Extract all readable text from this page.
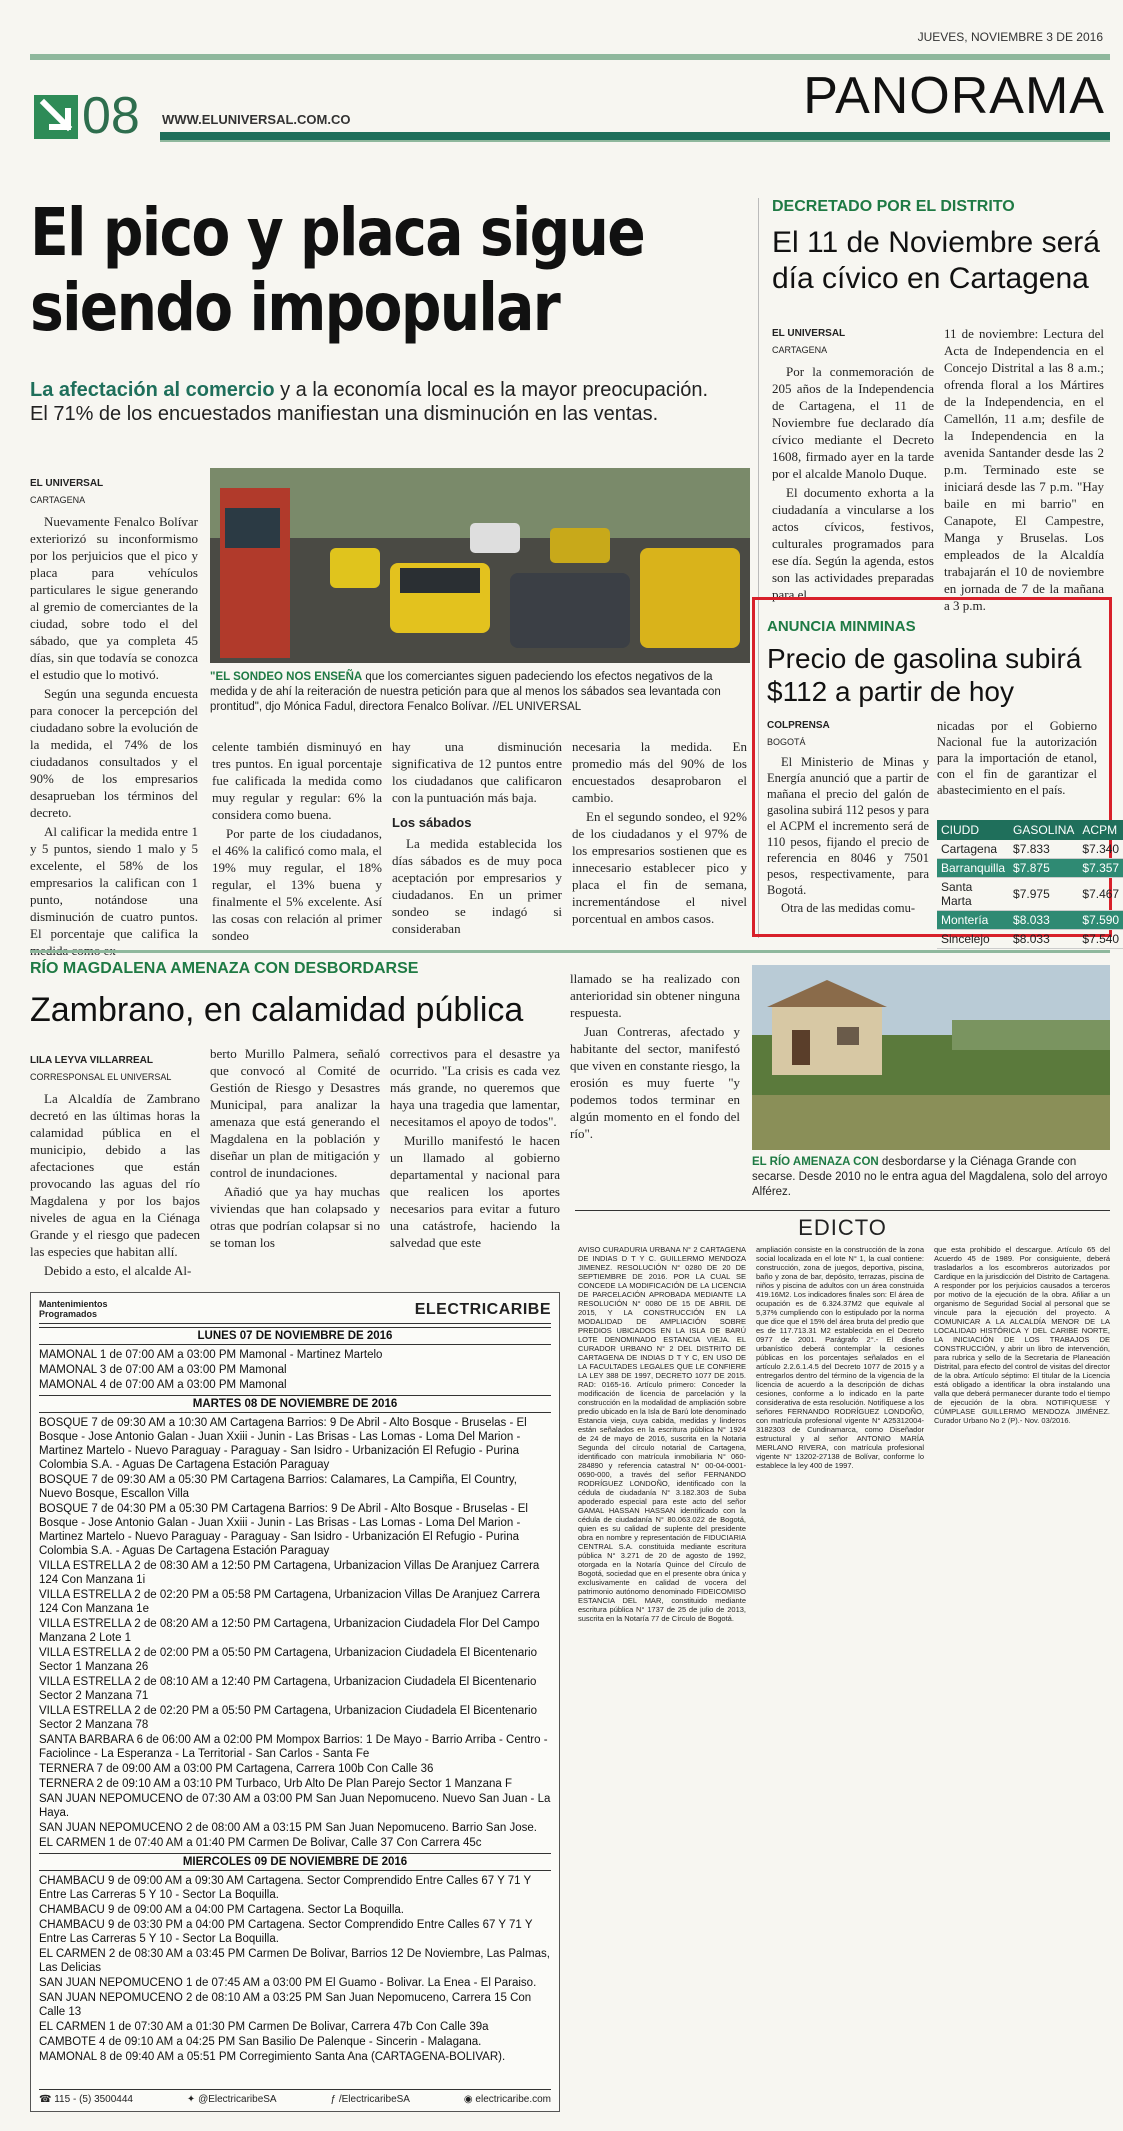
JUEVES, NOVIEMBRE 3 DE 2016
08 WWW.ELUNIVERSAL.COM.CO	PANORAMA
El pico y placa sigue
siendo impopular
La afectación al comercio y a la economía local es la mayor preocupación.
El 71% de los encuestados manifiestan una disminución en las ventas.
EL UNIVERSAL
CARTAGENA

Nuevamente Fenalco Bolívar exteriorizó su inconformismo por los perjuicios que el pico y placa para vehículos particulares le sigue generando al gremio de comerciantes de la ciudad, sobre todo el del sábado, que ya completa 45 días, sin que todavía se conozca el estudio que lo motivó.

Según una segunda encuesta para conocer la percepción del ciudadano sobre la evolución de la medida, el 74% de los ciudadanos consultados y el 90% de los empresarios desaprueban los términos del decreto.

Al calificar la medida entre 1 y 5 puntos, siendo 1 malo y 5 excelente, el 58% de los empresarios la califican con 1 punto, notándose una disminución de cuatro puntos. El porcentaje que califica la

"EL SONDEO NOS ENSEÑA que los comerciantes siguen padeciendo los efectos negativos de la medida y de ahí la reiteración de nuestra petición para que al menos los sábados sea levantada con prontitud", djo Mónica Fadul, directora Fenalco Bolívar. //EL UNIVERSAL

celente también disminuyó en tres puntos. En igual porcentaje fue calificada la medida como muy regular y regular: 6% la considera como buena.

Por parte de los ciudadanos, el 46% la calificó como mala, el 19% muy regular, el 18% regular, el 13% buena y finalmente el 5% excelente. Así las cosas con relación al primer sondeo

hay una disminución significativa de 12 puntos entre los ciudadanos que calificaron con la puntuación más baja.

Los sábados

La medida establecida los días sábados es de muy poca aceptación por empresarios y ciudadanos. En un primer sondeo se indagó si consideraban

necesaria la medida. En promedio más del 90% de los encuestados desaprobaron el cambio.

En el segundo sondeo, el 92% de los ciudadanos y el 97% de los empresarios sostienen que es innecesario establecer pico y placa el fin de semana, incrementándose el nivel porcentual en ambos casos.

DECRETADO POR EL DISTRITO
El 11 de Noviembre será día cívico en Cartagena
EL UNIVERSAL
CARTAGENA

Por la conmemoración de 205 años de la Independencia de Cartagena, el 11 de Noviembre fue declarado día cívico mediante el Decreto 1608, firmado ayer en la tarde por el alcalde Manolo Duque.

El documento exhorta a la ciudadanía a vincularse a los actos cívicos, festivos, culturales programados para ese día. Según la agenda, estos son las actividades preparadas para el

11 de noviembre: Lectura del Acta de Independencia en el Concejo Distrital a las 8 a.m.; ofrenda floral a los Mártires de la Independencia, en el Camellón, 11 a.m; desfile de la Independencia en la avenida Santander desde las 2 p.m. Terminado este se iniciará desde las 7 p.m. "Hay baile en mi barrio" en Canapote, El Campestre, Manga y Bruselas. Los empleados de la Alcaldía trabajarán el 10 de noviembre en jornada de 7 de la mañana a 3 p.m.

ANUNCIA MINMINAS
Precio de gasolina subirá $112 a partir de hoy
COLPRENSA
BOGOTÁ

El Ministerio de Minas y Energía anunció que a partir de mañana el precio del galón de gasolina subirá 112 pesos y para el ACPM el incremento será de 110 pesos, fijando el precio de referencia en 8046 y 7501 pesos, respectivamente, para Bogotá.

Otra de las medidas comu-

nicadas por el Gobierno Nacional fue la autorización para la importación de etanol, con el fin de garantizar el abastecimiento en el país.

CIUDD	GASOLINA	ACPM
Cartagena	$7.833	$7.340
Barranquilla	$7.875	$7.357
Santa Marta	$7.975	$7.467
Montería	$8.033	$7.590
Sincelejo	$8.033	$7.540
RÍO MAGDALENA AMENAZA CON DESBORDARSE
Zambrano, en calamidad pública
LILA LEYVA VILLARREAL
CORRESPONSAL EL UNIVERSAL

La Alcaldía de Zambrano decretó en las últimas horas la calamidad pública en el municipio, debido a las afectaciones que están provocando las aguas del río Magdalena y por los bajos niveles de agua en la Ciénaga Grande y el riesgo que padecen las especies que habitan allí.

Debido a esto, el alcalde Al-

berto Murillo Palmera, señaló que convocó al Comité de Gestión de Riesgo y Desastres Municipal, para analizar la amenaza que está generando el Magdalena en la población y diseñar un plan de mitigación y control de inundaciones.

Añadió que ya hay muchas viviendas que han colapsado y otras que podrían colapsar si no se toman los

correctivos para el desastre ya ocurrido. "La crisis es cada vez más grande, no queremos que haya una tragedia que lamentar, necesitamos el apoyo de todos".

Murillo manifestó le hacen un llamado al gobierno departamental y nacional para que realicen los aportes necesarios para evitar a futuro una catástrofe, haciendo la salvedad que este

llamado se ha realizado con anterioridad sin obtener ninguna respuesta.

Juan Contreras, afectado y habitante del sector, manifestó que viven en constante riesgo, la erosión es muy fuerte "y podemos todos terminar en algún momento en el fondo del río".

EL RÍO AMENAZA CON desbordarse y la Ciénaga Grande con secarse. Desde 2010 no le entra agua del Magdalena, solo del arroyo Alférez.
Mantenimientos Programados	ELECTRICARIBE
LUNES 07 DE NOVIEMBRE DE 2016
MAMONAL 1 de 07:00 AM a 03:00 PM Mamonal - Martinez Martelo
MAMONAL 3 de 07:00 AM a 03:00 PM Mamonal
MAMONAL 4 de 07:00 AM a 03:00 PM Mamonal
MARTES 08 DE NOVIEMBRE DE 2016
BOSQUE 7 de 09:30 AM a 10:30 AM Cartagena Barrios: 9 De Abril - Alto Bosque - Bruselas - El Bosque - Jose Antonio Galan - Juan Xxiii - Junin - Las Brisas - Las Lomas - Loma Del Marion - Martinez Martelo - Nuevo Paraguay - Paraguay - San Isidro - Urbanización El Refugio - Purina Colombia S.A. - Aguas De Cartagena Estación Paraguay
BOSQUE 7 de 09:30 AM a 05:30 PM Cartagena Barrios: Calamares, La Campiña, El Country, Nuevo Bosque, Escallon Villa
BOSQUE 7 de 04:30 PM a 05:30 PM Cartagena Barrios: 9 De Abril - Alto Bosque - Bruselas - El Bosque - Jose Antonio Galan - Juan Xxiii - Junin - Las Brisas - Las Lomas - Loma Del Marion - Martinez Martelo - Nuevo Paraguay - Paraguay - San Isidro - Urbanización El Refugio - Purina Colombia S.A. - Aguas De Cartagena Estación Paraguay
VILLA ESTRELLA 2 de 08:30 AM a 12:50 PM Cartagena, Urbanizacion Villas De Aranjuez Carrera 124 Con Manzana 1i
VILLA ESTRELLA 2 de 02:20 PM a 05:58 PM Cartagena, Urbanizacion Villas De Aranjuez Carrera 124 Con Manzana 1e
VILLA ESTRELLA 2 de 08:20 AM a 12:50 PM Cartagena, Urbanizacion Ciudadela Flor Del Campo Manzana 2 Lote 1
VILLA ESTRELLA 2 de 02:00 PM a 05:50 PM Cartagena, Urbanizacion Ciudadela El Bicentenario Sector 1 Manzana 26
VILLA ESTRELLA 2 de 08:10 AM a 12:40 PM Cartagena, Urbanizacion Ciudadela El Bicentenario Sector 2 Manzana 71
VILLA ESTRELLA 2 de 02:20 PM a 05:50 PM Cartagena, Urbanizacion Ciudadela El Bicentenario Sector 2 Manzana 78
SANTA BARBARA 6 de 06:00 AM a 02:00 PM Mompox Barrios: 1 De Mayo - Barrio Arriba - Centro - Faciolince - La Esperanza - La Territorial - San Carlos - Santa Fe
TERNERA 7 de 09:00 AM a 03:00 PM Cartagena, Carrera 100b Con Calle 36
TERNERA 2 de 09:10 AM a 03:10 PM Turbaco, Urb Alto De Plan Parejo Sector 1 Manzana F
SAN JUAN NEPOMUCENO de 07:30 AM a 03:00 PM San Juan Nepomuceno. Nuevo San Juan - La Haya.
SAN JUAN NEPOMUCENO 2 de 08:00 AM a 03:15 PM San Juan Nepomuceno. Barrio San Jose.
EL CARMEN 1 de 07:40 AM a 01:40 PM Carmen De Bolivar, Calle 37 Con Carrera 45c
MIERCOLES 09 DE NOVIEMBRE DE 2016
CHAMBACU 9 de 09:00 AM a 09:30 AM Cartagena. Sector Comprendido Entre Calles 67 Y 71 Y Entre Las Carreras 5 Y 10 - Sector La Boquilla.
CHAMBACU 9 de 09:00 AM a 04:00 PM Cartagena. Sector La Boquilla.
CHAMBACU 9 de 03:30 PM a 04:00 PM Cartagena. Sector Comprendido Entre Calles 67 Y 71 Y Entre Las Carreras 5 Y 10 - Sector La Boquilla.
EL CARMEN 2 de 08:30 AM a 03:45 PM Carmen De Bolivar, Barrios 12 De Noviembre, Las Palmas, Las Delicias
SAN JUAN NEPOMUCENO 1 de 07:45 AM a 03:00 PM El Guamo - Bolivar. La Enea - El Paraiso.
SAN JUAN NEPOMUCENO 2 de 08:10 AM a 03:25 PM San Juan Nepomuceno, Carrera 15 Con Calle 13
EL CARMEN 1 de 07:30 AM a 01:30 PM Carmen De Bolivar, Carrera 47b Con Calle 39a
CAMBOTE 4 de 09:10 AM a 04:25 PM San Basilio De Palenque - Sincerin - Malagana.
MAMONAL 8 de 09:40 AM a 05:51 PM Corregimiento Santa Ana (CARTAGENA-BOLIVAR).
☎ 115 - (5) 3500444	✦ @ElectricaribeSA	ƒ /ElectricaribeSA	◉ electricaribe.com
EDICTO
AVISO CURADURIA URBANA N° 2 CARTAGENA DE INDIAS D T Y C. GUILLERMO MENDOZA JIMENEZ. RESOLUCIÓN N° 0280 DE 20 DE SEPTIEMBRE DE 2016. POR LA CUAL SE CONCEDE LA MODIFICACIÓN DE LA LICENCIA DE PARCELACIÓN APROBADA MEDIANTE LA RESOLUCIÓN N° 0080 DE 15 DE ABRIL DE 2015, Y LA CONSTRUCCIÓN EN LA MODALIDAD DE AMPLIACIÓN SOBRE PREDIOS UBICADOS EN LA ISLA DE BARÚ LOTE DENOMINADO ESTANCIA VIEJA. EL CURADOR URBANO N° 2 DEL DISTRITO DE CARTAGENA DE INDIAS D T Y C, EN USO DE LA FACULTADES LEGALES QUE LE CONFIERE LA LEY 388 DE 1997, DECRETO 1077 DE 2015. RAD: 0165-16. Artículo primero: Conceder la modificación de licencia de parcelación y la construcción en la modalidad de ampliación sobre predio ubicado en la Isla de Barú lote denominado Estancia vieja, cuya cabida, medidas y linderos están señalados en la escritura pública N° 1924 de 24 de mayo de 2016, suscrita en la Notaria Segunda del círculo notarial de Cartagena, identificado con matrícula inmobiliaria N° 060-284890 y referencia catastral N° 00-04-0001-0690-000, a través del señor FERNANDO RODRÍGUEZ LONDOÑO, identificado con la cédula de ciudadanía N° 3.182.303 de Suba apoderado especial para este acto del señor GAMAL HASSAN HASSAN identificado con la cédula de ciudadanía N° 80.063.022 de Bogotá, quien es su calidad de suplente del presidente obra en nombre y representación de FIDUCIARIA CENTRAL S.A. constituida mediante escritura pública N° 3.271 de 20 de agosto de 1992, otorgada en la Notaría Quince del Círculo de Bogotá, sociedad que en el presente obra única y exclusivamente en calidad de vocera del patrimonio autónomo denominado FIDEICOMISO ESTANCIA DEL MAR, constituido mediante escritura pública N° 1737 de 25 de julio de 2013, suscrita en la Notaría 77 de Círculo de Bogotá.
ampliación consiste en la construcción de la zona social localizada en el lote N° 1, la cual contiene: construcción, zona de juegos, deportiva, piscina, baño y zona de bar, depósito, terrazas, piscina de niños y piscina de adultos con un área construida 419.16M2. Los indicadores finales son: El área de ocupación es de 6.324.37M2 que equivale al 5,37% cumpliendo con lo estipulado por la norma que dice que el 15% del área bruta del predio que es de 117.713.31 M2 establecida en el Decreto 0977 de 2001. Parágrafo 2°.- El diseño urbanístico deberá contemplar la cesiones públicas en los porcentajes señalados en el artículo 2.2.6.1.4.5 del Decreto 1077 de 2015 y a entregarlos dentro del término de la vigencia de la licencia de acuerdo a la descripción de dichas cesiones, conforme a lo indicado en la parte considerativa de esta resolución. Notifíquese a los señores FERNANDO RODRÍGUEZ LONDOÑO, con matrícula profesional vigente N° A25312004-3182303 de Cundinamarca, como Diseñador estructural y al señor ANTONIO MARÍA MERLANO RIVERA, con matrícula profesional vigente N° 13202-27138 de Bolívar, conforme lo establece la ley 400 de 1997.
que esta prohibido el descargue. Artículo 65 del Acuerdo 45 de 1989. Por consiguiente, deberá trasladarlos a los escombreros autorizados por Cardique en la jurisdicción del Distrito de Cartagena. A responder por los perjuicios causados a terceros por motivo de la ejecución de la obra. Afiliar a un organismo de Seguridad Social al personal que se vincule para la ejecución del proyecto. A COMUNICAR A LA ALCALDÍA MENOR DE LA LOCALIDAD HISTÓRICA Y DEL CARIBE NORTE, LA INICIACIÓN DE LOS TRABAJOS DE CONSTRUCCIÓN, y abrir un libro de intervención, para rubrica y sello de la Secretaria de Planeación Distrital, para efecto del control de visitas del director de la obra. Artículo séptimo: El titular de la Licencia está obligado a identificar la obra instalando una valla que deberá permanecer durante todo el tiempo de ejecución de la obra. NOTIFIQUESE Y CÚMPLASE GUILLERMO MENDOZA JIMÉNEZ. Curador Urbano No 2 (P).- Nov. 03/2016.
